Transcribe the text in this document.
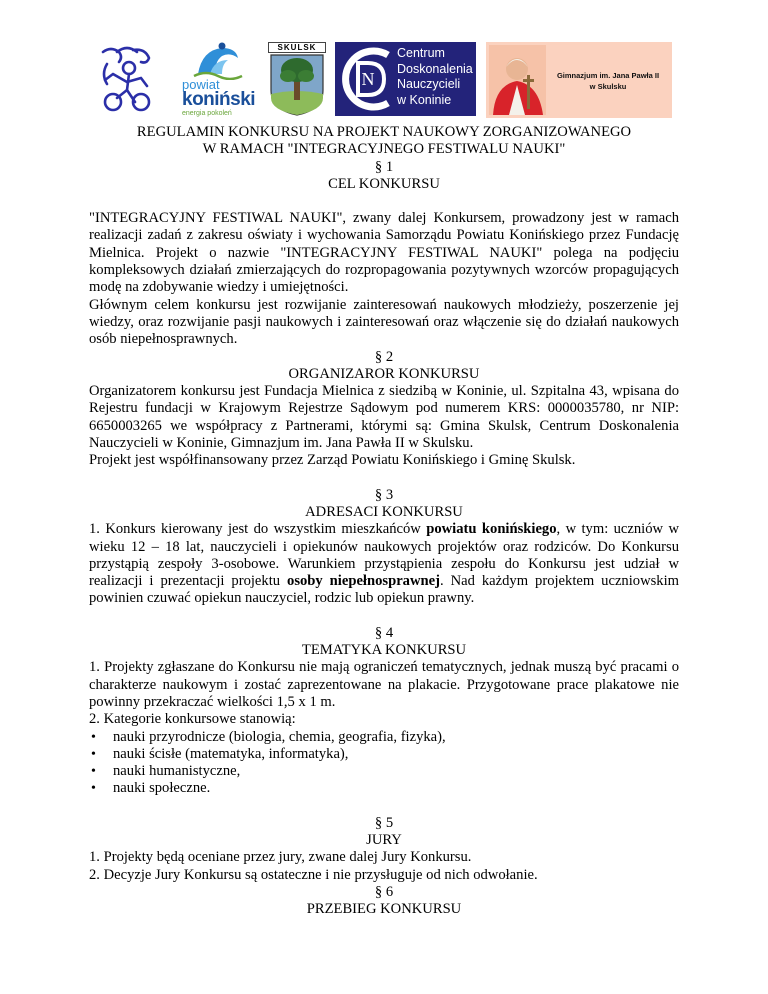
powiat
koniński
energia pokoleń
SKULSK
N
Centrum
Doskonalenia
Nauczycieli
w Koninie
Gimnazjum im. Jana Pawła II
w Skulsku

REGULAMIN KONKURSU NA PROJEKT NAUKOWY ZORGANIZOWANEGO

W RAMACH "INTEGRACYJNEGO FESTIWALU NAUKI"

§ 1

CEL KONKURSU

"INTEGRACYJNY FESTIWAL NAUKI", zwany dalej Konkursem, prowadzony jest w ramach realizacji zadań z zakresu oświaty i wychowania Samorządu Powiatu Konińskiego przez Fundację Mielnica. Projekt o nazwie "INTEGRACYJNY FESTIWAL NAUKI" polega na podjęciu kompleksowych działań zmierzających do rozpropagowania pozytywnych wzorców propagujących modę na zdobywanie wiedzy i umiejętności.

Głównym celem konkursu jest rozwijanie zainteresowań naukowych młodzieży, poszerzenie jej wiedzy, oraz rozwijanie pasji naukowych i zainteresowań oraz włączenie się do działań naukowych osób niepełnosprawnych.

§ 2

ORGANIZAROR KONKURSU

Organizatorem konkursu jest Fundacja Mielnica z siedzibą w Koninie, ul. Szpitalna 43, wpisana do Rejestru fundacji w Krajowym Rejestrze Sądowym pod numerem KRS: 0000035780, nr NIP: 6650003265 we współpracy z Partnerami, którymi są: Gmina Skulsk, Centrum Doskonalenia Nauczycieli w Koninie, Gimnazjum im. Jana Pawła II w Skulsku.

Projekt jest współfinansowany przez Zarząd Powiatu Konińskiego i Gminę Skulsk.

§ 3

ADRESACI KONKURSU

1. Konkurs kierowany jest do wszystkim mieszkańców powiatu konińskiego, w tym: uczniów w wieku 12 – 18 lat, nauczycieli i opiekunów naukowych projektów oraz rodziców. Do Konkursu przystąpią zespoły 3-osobowe. Warunkiem przystąpienia zespołu do Konkursu jest udział w realizacji i prezentacji projektu osoby niepełnosprawnej. Nad każdym projektem uczniowskim powinien czuwać opiekun nauczyciel, rodzic lub opiekun prawny.

§ 4

TEMATYKA KONKURSU

1. Projekty zgłaszane do Konkursu nie mają ograniczeń tematycznych, jednak muszą być pracami o charakterze naukowym i zostać zaprezentowane na plakacie. Przygotowane prace plakatowe nie powinny przekraczać wielkości 1,5 x 1 m.

2. Kategorie konkursowe stanowią:

• nauki przyrodnicze (biologia, chemia, geografia, fizyka),
• nauki ścisłe (matematyka, informatyka),
• nauki humanistyczne,
• nauki społeczne.

§ 5

JURY

1. Projekty będą oceniane przez jury, zwane dalej Jury Konkursu.

2. Decyzje Jury Konkursu są ostateczne i nie przysługuje od nich odwołanie.

§ 6

PRZEBIEG KONKURSU
